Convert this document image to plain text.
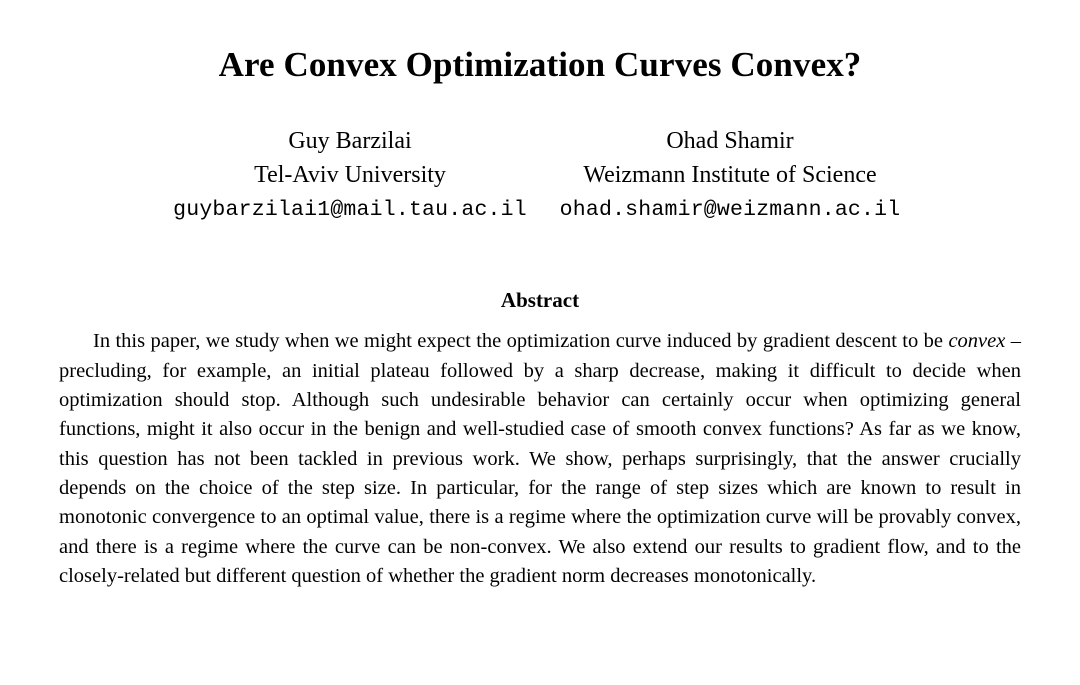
Are Convex Optimization Curves Convex?
Guy Barzilai
Tel-Aviv University
guybarzilai1@mail.tau.ac.il
Ohad Shamir
Weizmann Institute of Science
ohad.shamir@weizmann.ac.il
Abstract

In this paper, we study when we might expect the optimization curve induced by gradient descent to be convex – precluding, for example, an initial plateau followed by a sharp decrease, making it difficult to decide when optimization should stop. Although such undesirable behavior can certainly occur when optimizing general functions, might it also occur in the benign and well-studied case of smooth convex functions? As far as we know, this question has not been tackled in previous work. We show, perhaps surprisingly, that the answer crucially depends on the choice of the step size. In particular, for the range of step sizes which are known to result in monotonic convergence to an optimal value, there is a regime where the optimization curve will be provably convex, and there is a regime where the curve can be non-convex. We also extend our results to gradient flow, and to the closely-related but different question of whether the gradient norm decreases monotonically.
